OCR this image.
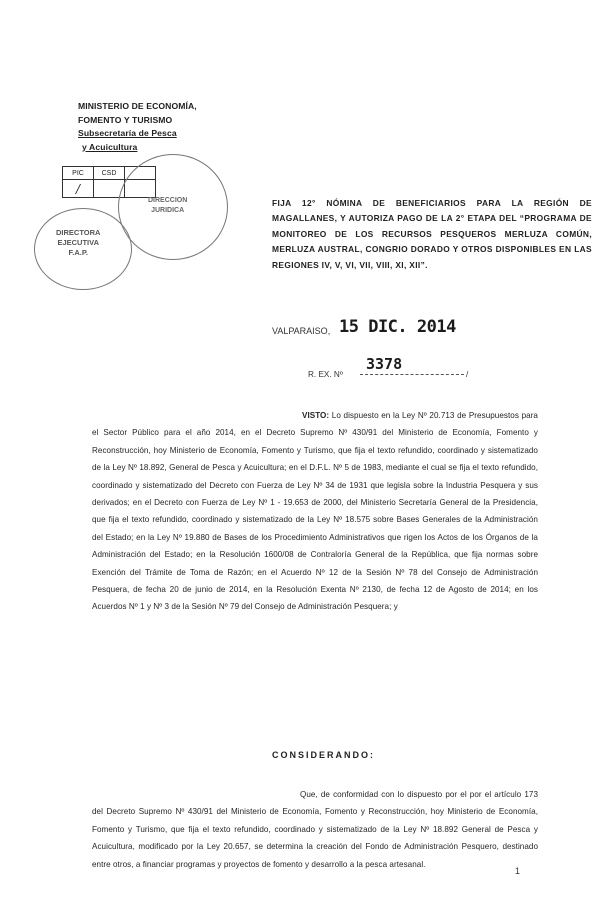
MINISTERIO DE ECONOMÍA,
FOMENTO Y TURISMO
Subsecretaría de Pesca
y Acuicultura
PIC	CSD	
/		
DIRECTORA
EJECUTIVA
F.A.P.
DIRECCION
JURIDICA
FIJA 12° NÓMINA DE BENEFICIARIOS PARA LA REGIÓN DE MAGALLANES, Y AUTORIZA PAGO DE LA 2° ETAPA DEL “PROGRAMA DE MONITOREO DE LOS RECURSOS PESQUEROS MERLUZA COMÚN, MERLUZA AUSTRAL, CONGRIO DORADO Y OTROS DISPONIBLES EN LAS REGIONES IV, V, VI, VII, VIII, XI, XII”.
VALPARAISO, 15 DIC. 2014
R. EX. Nº
3378
/
VISTO: Lo dispuesto en la Ley Nº 20.713 de Presupuestos para el Sector Público para el año 2014, en el Decreto Supremo Nº 430/91 del Ministerio de Economía, Fomento y Reconstrucción, hoy Ministerio de Economía, Fomento y Turismo, que fija el texto refundido, coordinado y sistematizado de la Ley Nº 18.892, General de Pesca y Acuicultura; en el D.F.L. Nº 5 de 1983, mediante el cual se fija el texto refundido, coordinado y sistematizado del Decreto con Fuerza de Ley Nº 34 de 1931 que legisla sobre la Industria Pesquera y sus derivados; en el Decreto con Fuerza de Ley Nº 1 - 19.653 de 2000, del Ministerio Secretaría General de la Presidencia, que fija el texto refundido, coordinado y sistematizado de la Ley Nº 18.575 sobre Bases Generales de la Administración del Estado; en la Ley Nº 19.880 de Bases de los Procedimiento Administrativos que rigen los Actos de los Órganos de la Administración del Estado; en la Resolución 1600/08 de Contraloría General de la República, que fija normas sobre Exención del Trámite de Toma de Razón; en el Acuerdo Nº 12 de la Sesión Nº 78 del Consejo de Administración Pesquera, de fecha 20 de junio de 2014, en la Resolución Exenta Nº 2130, de fecha 12 de Agosto de 2014; en los Acuerdos Nº 1 y Nº 3 de la Sesión Nº 79 del Consejo de Administración Pesquera; y
CONSIDERANDO:
Que, de conformidad con lo dispuesto por el por el artículo 173 del Decreto Supremo Nº 430/91 del Ministerio de Economía, Fomento y Reconstrucción, hoy Ministerio de Economía, Fomento y Turismo, que fija el texto refundido, coordinado y sistematizado de la Ley Nº 18.892 General de Pesca y Acuicultura, modificado por la Ley 20.657, se determina la creación del Fondo de Administración Pesquero, destinado entre otros, a financiar programas y proyectos de fomento y desarrollo a la pesca artesanal.
1
